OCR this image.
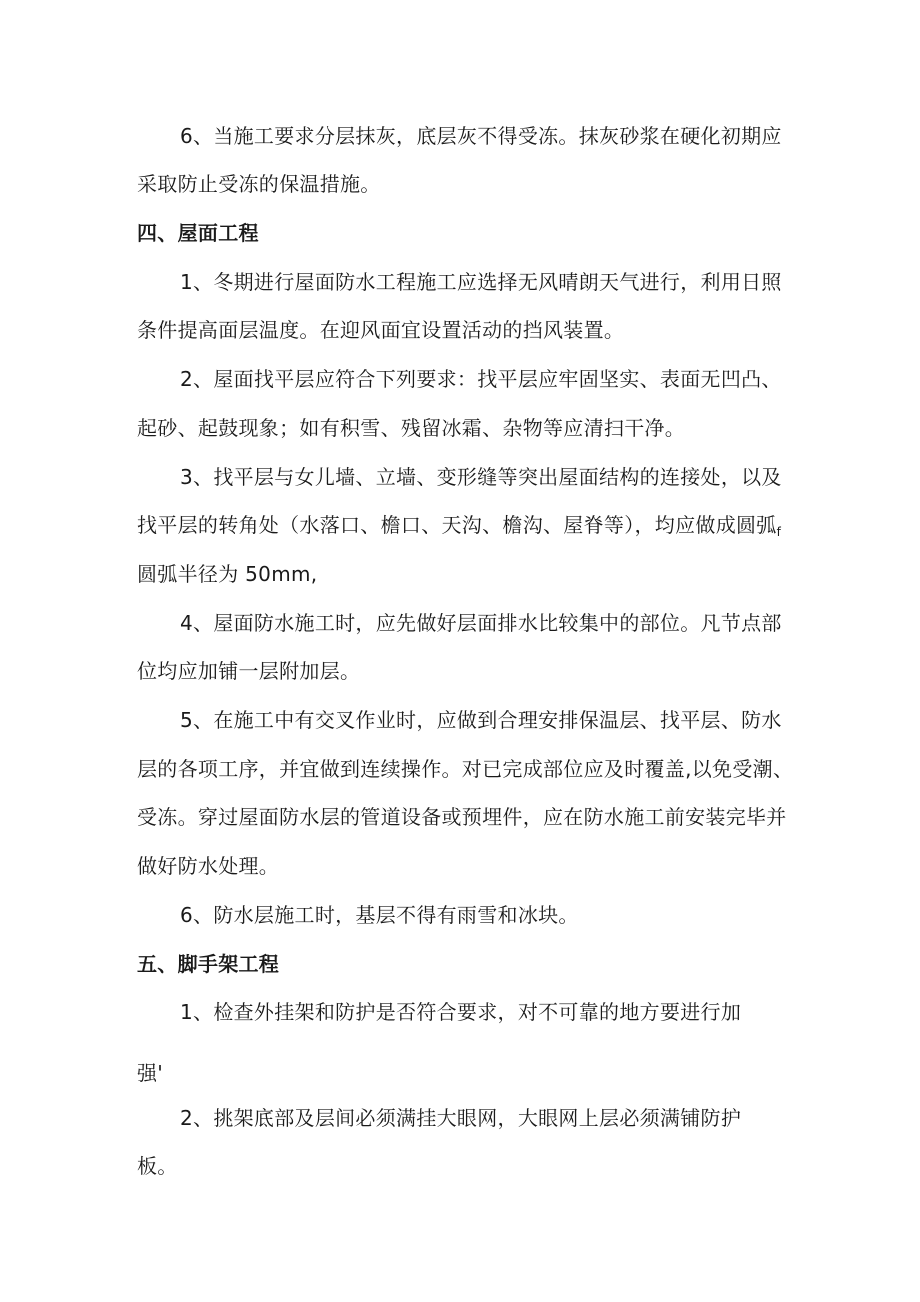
6、当施工要求分层抹灰，底层灰不得受冻。抹灰砂浆在硬化初期应
采取防止受冻的保温措施。
四、屋面工程
1、冬期进行屋面防水工程施工应选择无风晴朗天气进行，利用日照
条件提高面层温度。在迎风面宜设置活动的挡风装置。
2、屋面找平层应符合下列要求：找平层应牢固坚实、表面无凹凸、
起砂、起鼓现象；如有积雪、残留冰霜、杂物等应清扫干净。
3、找平层与女儿墙、立墙、变形缝等突出屋面结构的连接处，以及
找平层的转角处（水落口、檐口、天沟、檐沟、屋脊等），均应做成圆弧$_f$
圆弧半径为 50mm,
4、屋面防水施工时，应先做好层面排水比较集中的部位。凡节点部
位均应加铺一层附加层。
5、在施工中有交叉作业时，应做到合理安排保温层、找平层、防水
层的各项工序，并宜做到连续操作。对已完成部位应及时覆盖,以免受潮、
受冻。穿过屋面防水层的管道设备或预埋件，应在防水施工前安装完毕并
做好防水处理。
6、防水层施工时，基层不得有雨雪和冰块。
五、脚手架工程
1、检查外挂架和防护是否符合要求，对不可靠的地方要进行加
强'
2、挑架底部及层间必须满挂大眼网，大眼网上层必须满铺防护
板。
